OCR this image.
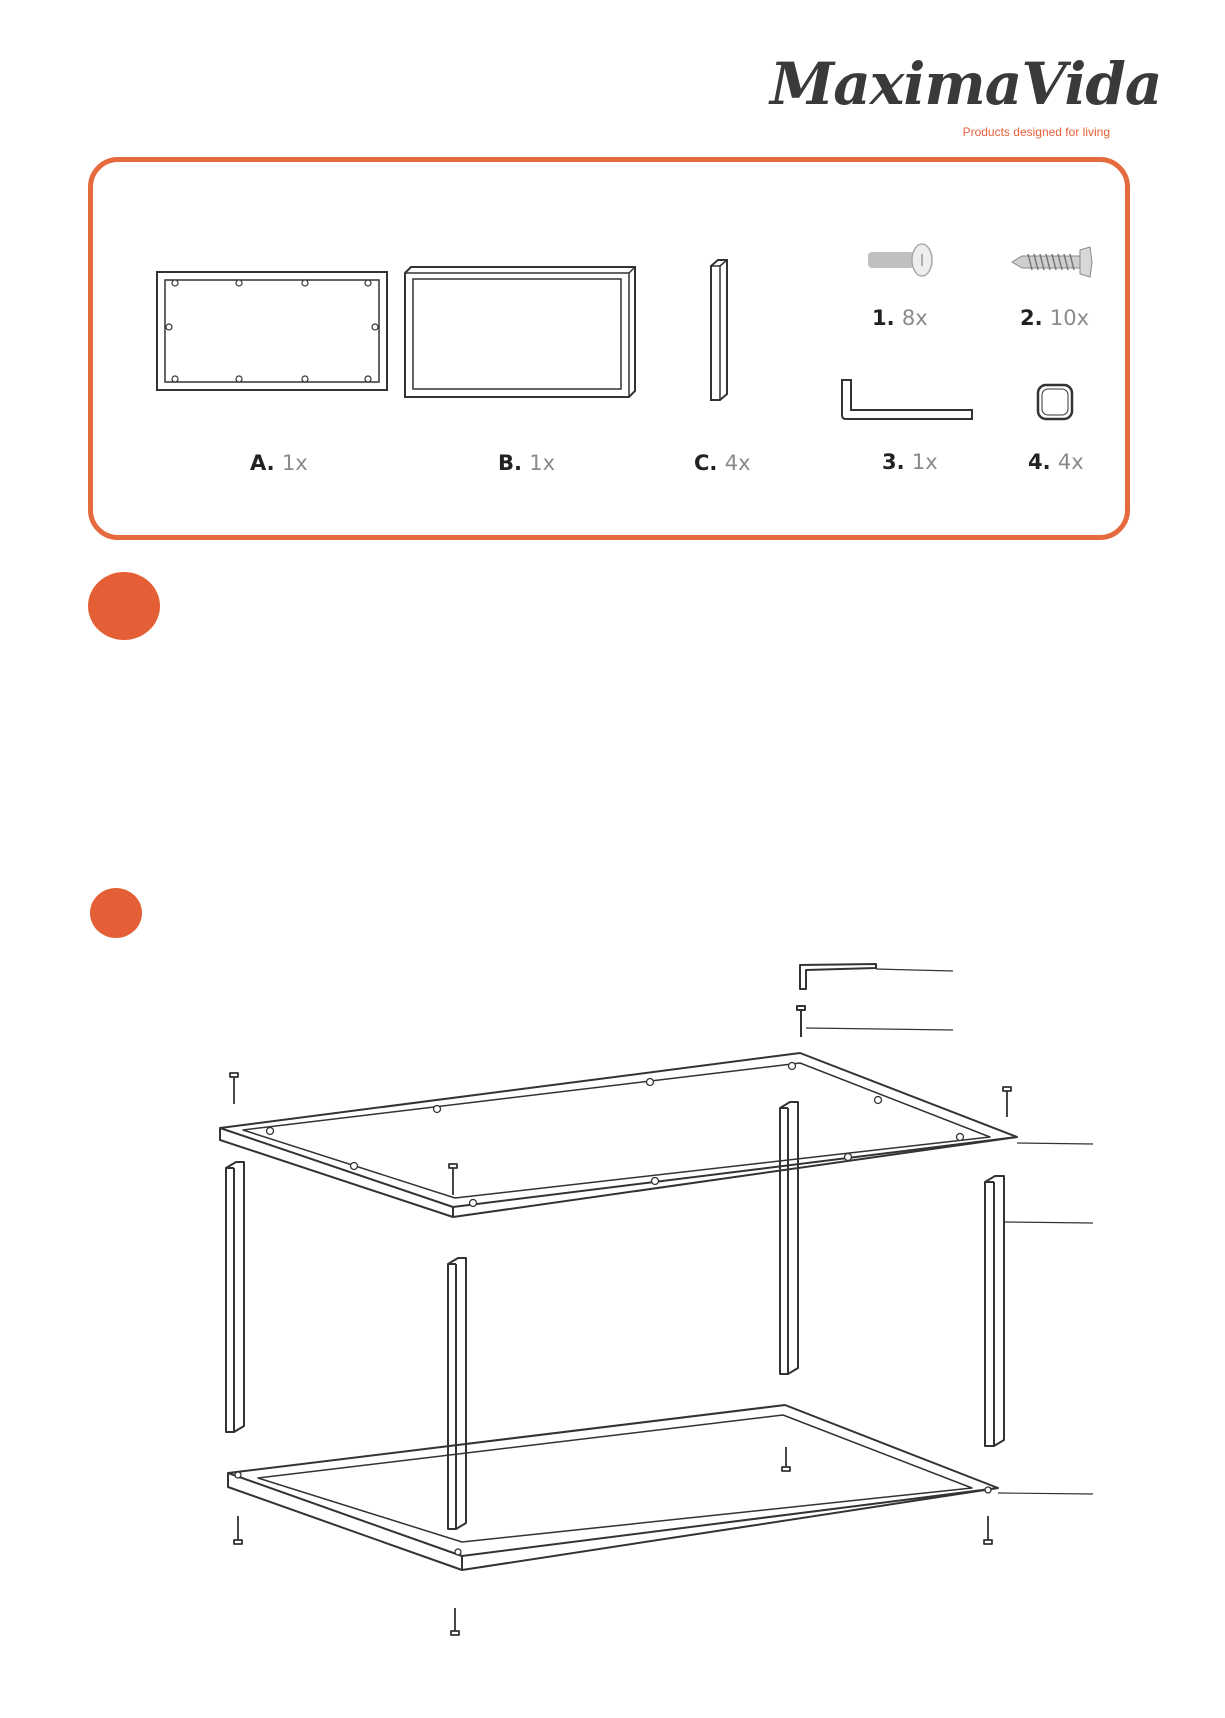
MaximaVida
Products designed for living
A. 1x	B. 1x	C. 4x
1. 8x	2. 10x
3. 1x	4. 4x
